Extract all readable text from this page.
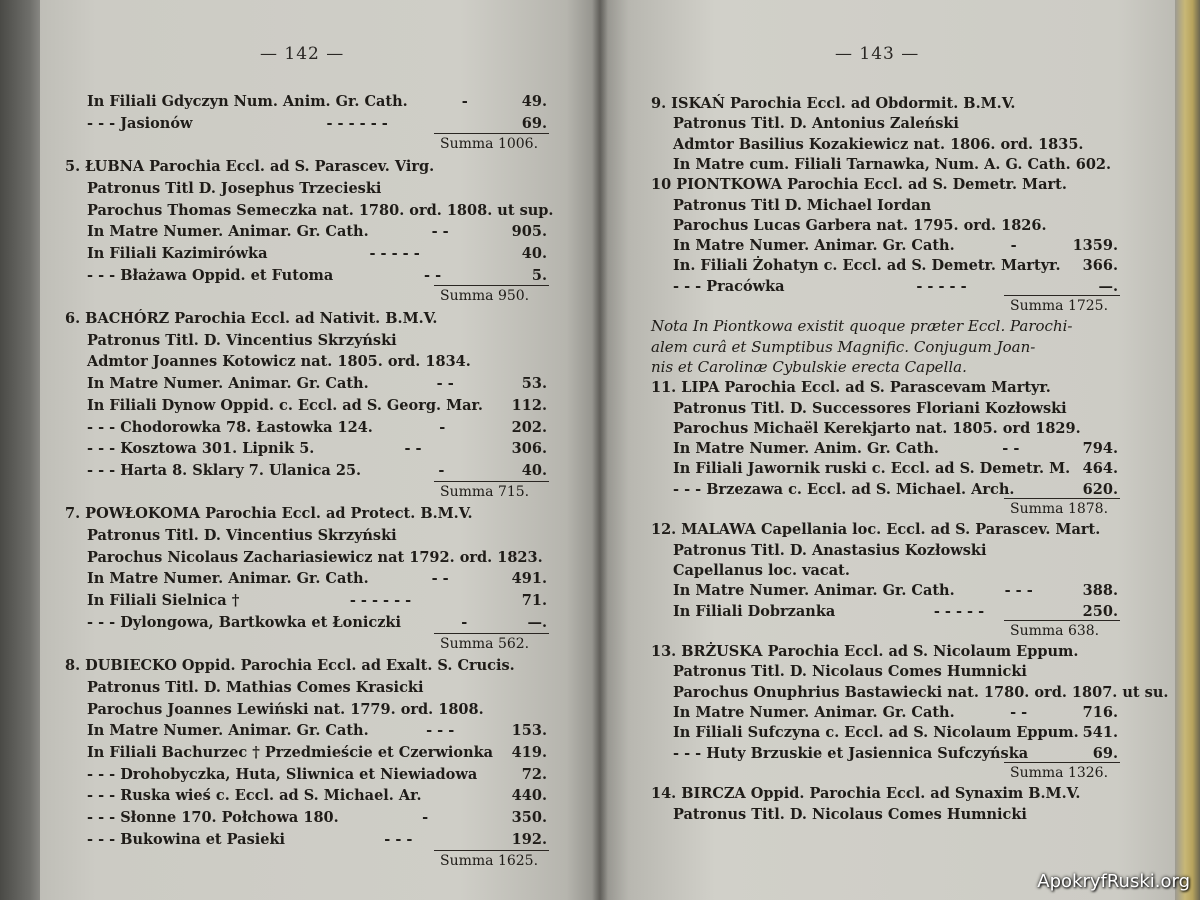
— 142 —
In Filiali Gdyczyn Num. Anim. Gr. Cath.	-	49.
- - - Jasionów	- - - - - -	69.
Summa 1006.
5. ŁUBNA Parochia Eccl. ad S. Parascev. Virg.
Patronus Titl D. Josephus Trzecieski
Parochus Thomas Semeczka nat. 1780. ord. 1808. ut sup.
In Matre Numer. Animar. Gr. Cath.	- -	905.
In Filiali Kazimirówka	- - - - -	40.
- - - Błażawa Oppid. et Futoma	- -	5.
Summa 950.
6. BACHÓRZ Parochia Eccl. ad Nativit. B.M.V.
Patronus Titl. D. Vincentius Skrzyński
Admtor Joannes Kotowicz nat. 1805. ord. 1834.
In Matre Numer. Animar. Gr. Cath.	- -	53.
In Filiali Dynow Oppid. c. Eccl. ad S. Georg. Mar. 112.
- - - Chodorowka 78. Łastowka 124.	-	202.
- - - Kosztowa 301. Lipnik 5.	- -	306.
- - - Harta 8. Sklary 7. Ulanica 25.	-	40.
Summa 715.
7. POWŁOKOMA Parochia Eccl. ad Protect. B.M.V.
Patronus Titl. D. Vincentius Skrzyński
Parochus Nicolaus Zachariasiewicz nat 1792. ord. 1823.
In Matre Numer. Animar. Gr. Cath.	- -	491.
In Filiali Sielnica †	- - - - - -	71.
- - - Dylongowa, Bartkowka et Łoniczki	-	—.
Summa 562.
8. DUBIECKO Oppid. Parochia Eccl. ad Exalt. S. Crucis.
Patronus Titl. D. Mathias Comes Krasicki
Parochus Joannes Lewiński nat. 1779. ord. 1808.
In Matre Numer. Animar. Gr. Cath.	- - -	153.
In Filiali Bachurzec † Przedmieście et Czerwionka 419.
- - - Drohobyczka, Huta, Sliwnica et Niewiadowa	72.
- - - Ruska wieś c. Eccl. ad S. Michael. Ar.	440.
- - - Słonne 170. Połchowa 180.	-	350.
- - - Bukowina et Pasieki	- - -	192.
Summa 1625.
— 143 —
9. ISKAŃ Parochia Eccl. ad Obdormit. B.M.V.
Patronus Titl. D. Antonius Zaleński
Admtor Basilius Kozakiewicz nat. 1806. ord. 1835.
In Matre cum. Filiali Tarnawka, Num. A. G. Cath. 602.
10 PIONTKOWA Parochia Eccl. ad S. Demetr. Mart.
Patronus Titl D. Michael Iordan
Parochus Lucas Garbera nat. 1795. ord. 1826.
In Matre Numer. Animar. Gr. Cath.	-	1359.
In. Filiali Żohatyn c. Eccl. ad S. Demetr. Martyr. 366.
- - - Pracówka	- - - - -	—.
Summa 1725.
Nota In Piontkowa existit quoque præter Eccl. Parochi-
alem curâ et Sumptibus Magnific. Conjugum Joan-
nis et Carolinæ Cybulskie erecta Capella.
11. LIPA Parochia Eccl. ad S. Parascevam Martyr.
Patronus Titl. D. Successores Floriani Kozłowski
Parochus Michaël Kerekjarto nat. 1805. ord 1829.
In Matre Numer. Anim. Gr. Cath.	- -	794.
In Filiali Jawornik ruski c. Eccl. ad S. Demetr. M. 464.
- - - Brzezawa c. Eccl. ad S. Michael. Arch.	620.
Summa 1878.
12. MALAWA Capellania loc. Eccl. ad S. Parascev. Mart.
Patronus Titl. D. Anastasius Kozłowski
Capellanus loc. vacat.
In Matre Numer. Animar. Gr. Cath.	- - -	388.
In Filiali Dobrzanka	- - - - -	250.
Summa 638.
13. BRŻUSKA Parochia Eccl. ad S. Nicolaum Eppum.
Patronus Titl. D. Nicolaus Comes Humnicki
Parochus Onuphrius Bastawiecki nat. 1780. ord. 1807. ut su.
In Matre Numer. Animar. Gr. Cath.	- -	716.
In Filiali Sufczyna c. Eccl. ad S. Nicolaum Eppum. 541.
- - - Huty Brzuskie et Jasiennica Sufczyńska	69.
Summa 1326.
14. BIRCZA Oppid. Parochia Eccl. ad Synaxim B.M.V.
Patronus Titl. D. Nicolaus Comes Humnicki
ApokryfRuski.org
